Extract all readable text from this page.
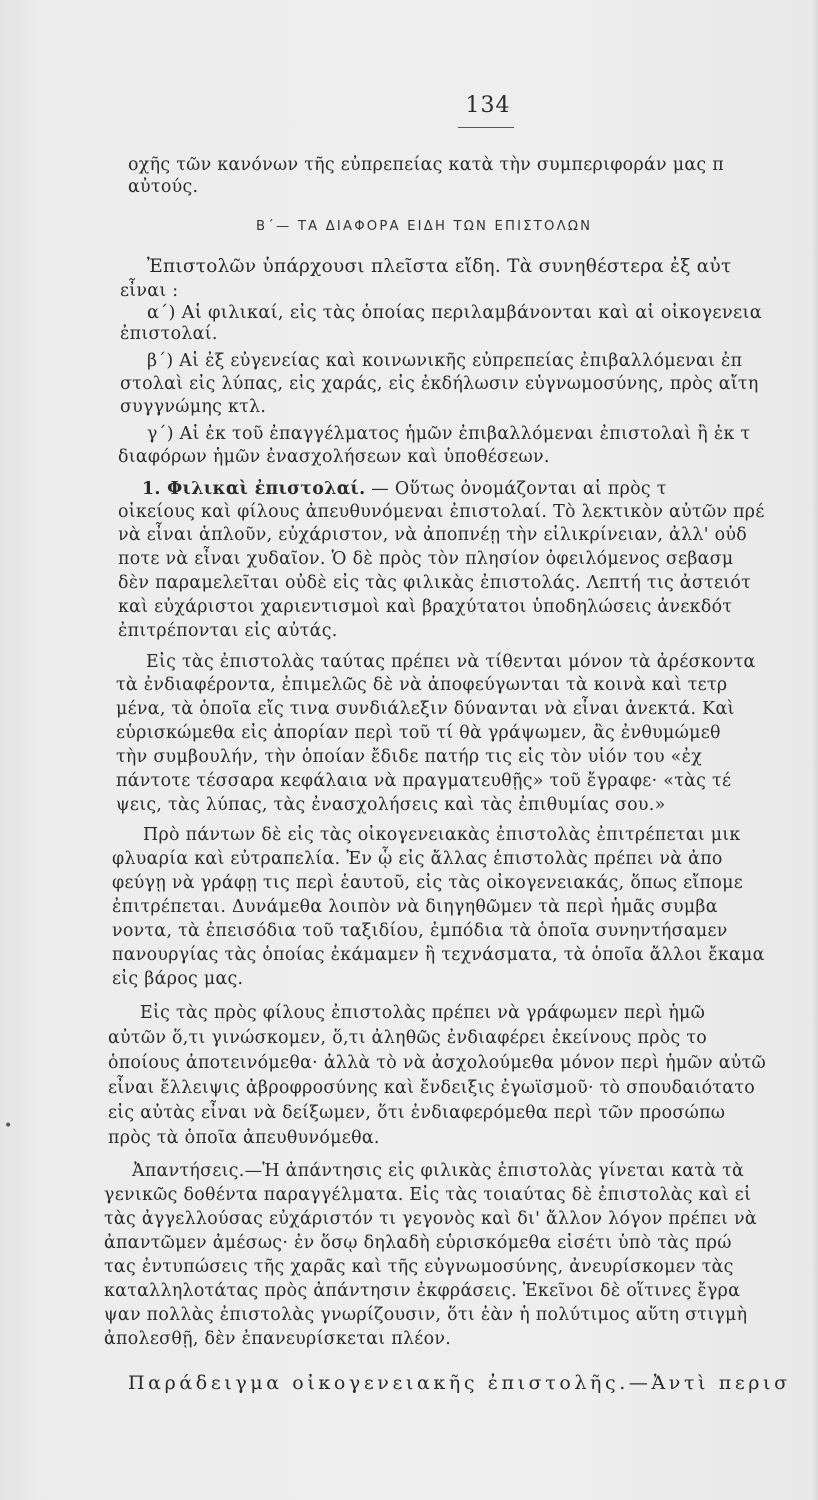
134
Β΄— ΤΑ ΔΙΑΦΟΡΑ ΕΙΔΗ ΤΩΝ ΕΠΙΣΤΟΛΩΝ
οχῆς τῶν κανόνων τῆς εὐπρεπείας κατὰ τὴν συμπεριφοράν μας π
αὐτούς.
Ἐπιστολῶν ὑπάρχουσι πλεῖστα εἴδη. Τὰ συνηθέστερα ἐξ αὐτ
εἶναι :
α΄) Αἱ φιλικαί, εἰς τὰς ὁποίας περιλαμβάνονται καὶ αἱ οἰκογενεια
ἐπιστολαί.
β΄) Αἱ ἐξ εὐγενείας καὶ κοινωνικῆς εὐπρεπείας ἐπιβαλλόμεναι ἐπ
στολαὶ εἰς λύπας, εἰς χαράς, εἰς ἐκδήλωσιν εὐγνωμοσύνης, πρὸς αἴτη
συγγνώμης κτλ.
γ΄) Αἱ ἐκ τοῦ ἐπαγγέλματος ἡμῶν ἐπιβαλλόμεναι ἐπιστολαὶ ἢ ἐκ τ
διαφόρων ἡμῶν ἐνασχολήσεων καὶ ὑποθέσεων.
1. Φιλικαὶ ἐπιστολαί. — Οὕτως ὀνομάζονται αἱ πρὸς τ
οἰκείους καὶ φίλους ἀπευθυνόμεναι ἐπιστολαί. Τὸ λεκτικὸν αὐτῶν πρέ
νὰ εἶναι ἁπλοῦν, εὐχάριστον, νὰ ἀποπνέῃ τὴν εἰλικρίνειαν, ἀλλ' οὐδ
ποτε νὰ εἶναι χυδαῖον. Ὁ δὲ πρὸς τὸν πλησίον ὀφειλόμενος σεβασμ
δὲν παραμελεῖται οὐδὲ εἰς τὰς φιλικὰς ἐπιστολάς. Λεπτή τις ἀστειότ
καὶ εὐχάριστοι χαριεντισμοὶ καὶ βραχύτατοι ὑποδηλώσεις ἀνεκδότ
ἐπιτρέπονται εἰς αὐτάς.
Εἰς τὰς ἐπιστολὰς ταύτας πρέπει νὰ τίθενται μόνον τὰ ἀρέσκοντα
τὰ ἐνδιαφέροντα, ἐπιμελῶς δὲ νὰ ἀποφεύγωνται τὰ κοινὰ καὶ τετρ
μένα, τὰ ὁποῖα εἴς τινα συνδιάλεξιν δύνανται νὰ εἶναι ἀνεκτά. Καὶ
εὑρισκώμεθα εἰς ἀπορίαν περὶ τοῦ τί θὰ γράψωμεν, ἂς ἐνθυμώμεθ
τὴν συμβουλήν, τὴν ὁποίαν ἔδιδε πατήρ τις εἰς τὸν υἱόν του «ἐχ
πάντοτε τέσσαρα κεφάλαια νὰ πραγματευθῇς» τοῦ ἔγραφε· «τὰς τέ
ψεις, τὰς λύπας, τὰς ἐνασχολήσεις καὶ τὰς ἐπιθυμίας σου.»
Πρὸ πάντων δὲ εἰς τὰς οἰκογενειακὰς ἐπιστολὰς ἐπιτρέπεται μικ
φλυαρία καὶ εὐτραπελία. Ἐν ᾧ εἰς ἄλλας ἐπιστολὰς πρέπει νὰ ἀπο
φεύγῃ νὰ γράφῃ τις περὶ ἑαυτοῦ, εἰς τὰς οἰκογενειακάς, ὅπως εἴπομε
ἐπιτρέπεται. Δυνάμεθα λοιπὸν νὰ διηγηθῶμεν τὰ περὶ ἡμᾶς συμβα
νοντα, τὰ ἐπεισόδια τοῦ ταξιδίου, ἐμπόδια τὰ ὁποῖα συνηντήσαμεν
πανουργίας τὰς ὁποίας ἐκάμαμεν ἢ τεχνάσματα, τὰ ὁποῖα ἄλλοι ἔκαμα
εἰς βάρος μας.
Εἰς τὰς πρὸς φίλους ἐπιστολὰς πρέπει νὰ γράφωμεν περὶ ἡμῶ
αὐτῶν ὅ,τι γινώσκομεν, ὅ,τι ἀληθῶς ἐνδιαφέρει ἐκείνους πρὸς το
ὁποίους ἀποτεινόμεθα· ἀλλὰ τὸ νὰ ἀσχολούμεθα μόνον περὶ ἡμῶν αὐτῶ
εἶναι ἔλλειψις ἀβροφροσύνης καὶ ἔνδειξις ἐγωϊσμοῦ· τὸ σπουδαιότατο
εἰς αὐτὰς εἶναι νὰ δείξωμεν, ὅτι ἐνδιαφερόμεθα περὶ τῶν προσώπω
πρὸς τὰ ὁποῖα ἀπευθυνόμεθα.
Ἀπαντήσεις.—Ἡ ἀπάντησις εἰς φιλικὰς ἐπιστολὰς γίνεται κατὰ τὰ
γενικῶς δοθέντα παραγγέλματα. Εἰς τὰς τοιαύτας δὲ ἐπιστολὰς καὶ εἰ
τὰς ἀγγελλούσας εὐχάριστόν τι γεγονὸς καὶ δι' ἄλλον λόγον πρέπει νὰ
ἀπαντῶμεν ἀμέσως· ἐν ὅσῳ δηλαδὴ εὑρισκόμεθα εἰσέτι ὑπὸ τὰς πρώ
τας ἐντυπώσεις τῆς χαρᾶς καὶ τῆς εὐγνωμοσύνης, ἀνευρίσκομεν τὰς
καταλληλοτάτας πρὸς ἀπάντησιν ἐκφράσεις. Ἐκεῖνοι δὲ οἵτινες ἔγρα
ψαν πολλὰς ἐπιστολὰς γνωρίζουσιν, ὅτι ἐὰν ἡ πολύτιμος αὕτη στιγμὴ
ἀπολεσθῇ, δὲν ἐπανευρίσκεται πλέον.
Παράδειγμα οἰκογενειακῆς ἐπιστολῆς.—Ἀντὶ περισ
•
